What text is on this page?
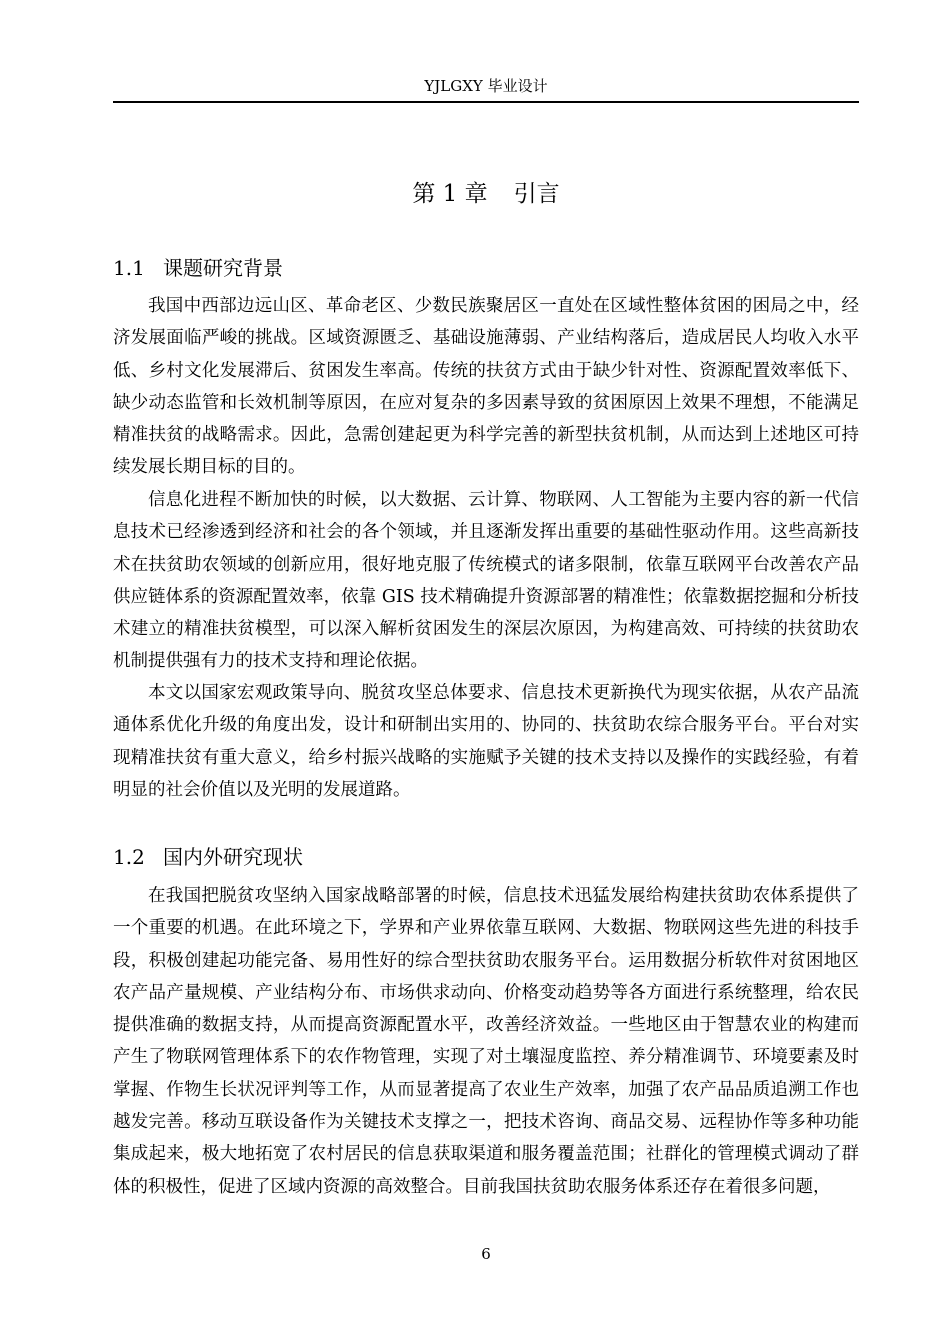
YJLGXY 毕业设计
第 1 章 引言
1.1 课题研究背景

我国中西部边远山区、革命老区、少数民族聚居区一直处在区域性整体贫困的困局之中，经济发展面临严峻的挑战。区域资源匮乏、基础设施薄弱、产业结构落后，造成居民人均收入水平低、乡村文化发展滞后、贫困发生率高。传统的扶贫方式由于缺少针对性、资源配置效率低下、缺少动态监管和长效机制等原因，在应对复杂的多因素导致的贫困原因上效果不理想，不能满足精准扶贫的战略需求。因此，急需创建起更为科学完善的新型扶贫机制，从而达到上述地区可持续发展长期目标的目的。

信息化进程不断加快的时候，以大数据、云计算、物联网、人工智能为主要内容的新一代信息技术已经渗透到经济和社会的各个领域，并且逐渐发挥出重要的基础性驱动作用。这些高新技术在扶贫助农领域的创新应用，很好地克服了传统模式的诸多限制，依靠互联网平台改善农产品供应链体系的资源配置效率，依靠 GIS 技术精确提升资源部署的精准性；依靠数据挖掘和分析技术建立的精准扶贫模型，可以深入解析贫困发生的深层次原因，为构建高效、可持续的扶贫助农机制提供强有力的技术支持和理论依据。

本文以国家宏观政策导向、脱贫攻坚总体要求、信息技术更新换代为现实依据，从农产品流通体系优化升级的角度出发，设计和研制出实用的、协同的、扶贫助农综合服务平台。平台对实现精准扶贫有重大意义，给乡村振兴战略的实施赋予关键的技术支持以及操作的实践经验，有着明显的社会价值以及光明的发展道路。

1.2 国内外研究现状

在我国把脱贫攻坚纳入国家战略部署的时候，信息技术迅猛发展给构建扶贫助农体系提供了一个重要的机遇。在此环境之下，学界和产业界依靠互联网、大数据、物联网这些先进的科技手段，积极创建起功能完备、易用性好的综合型扶贫助农服务平台。运用数据分析软件对贫困地区农产品产量规模、产业结构分布、市场供求动向、价格变动趋势等各方面进行系统整理，给农民提供准确的数据支持，从而提高资源配置水平，改善经济效益。一些地区由于智慧农业的构建而产生了物联网管理体系下的农作物管理，实现了对土壤湿度监控、养分精准调节、环境要素及时掌握、作物生长状况评判等工作，从而显著提高了农业生产效率，加强了农产品品质追溯工作也越发完善。移动互联设备作为关键技术支撑之一，把技术咨询、商品交易、远程协作等多种功能集成起来，极大地拓宽了农村居民的信息获取渠道和服务覆盖范围；社群化的管理模式调动了群体的积极性，促进了区域内资源的高效整合。目前我国扶贫助农服务体系还存在着很多问题，

6
